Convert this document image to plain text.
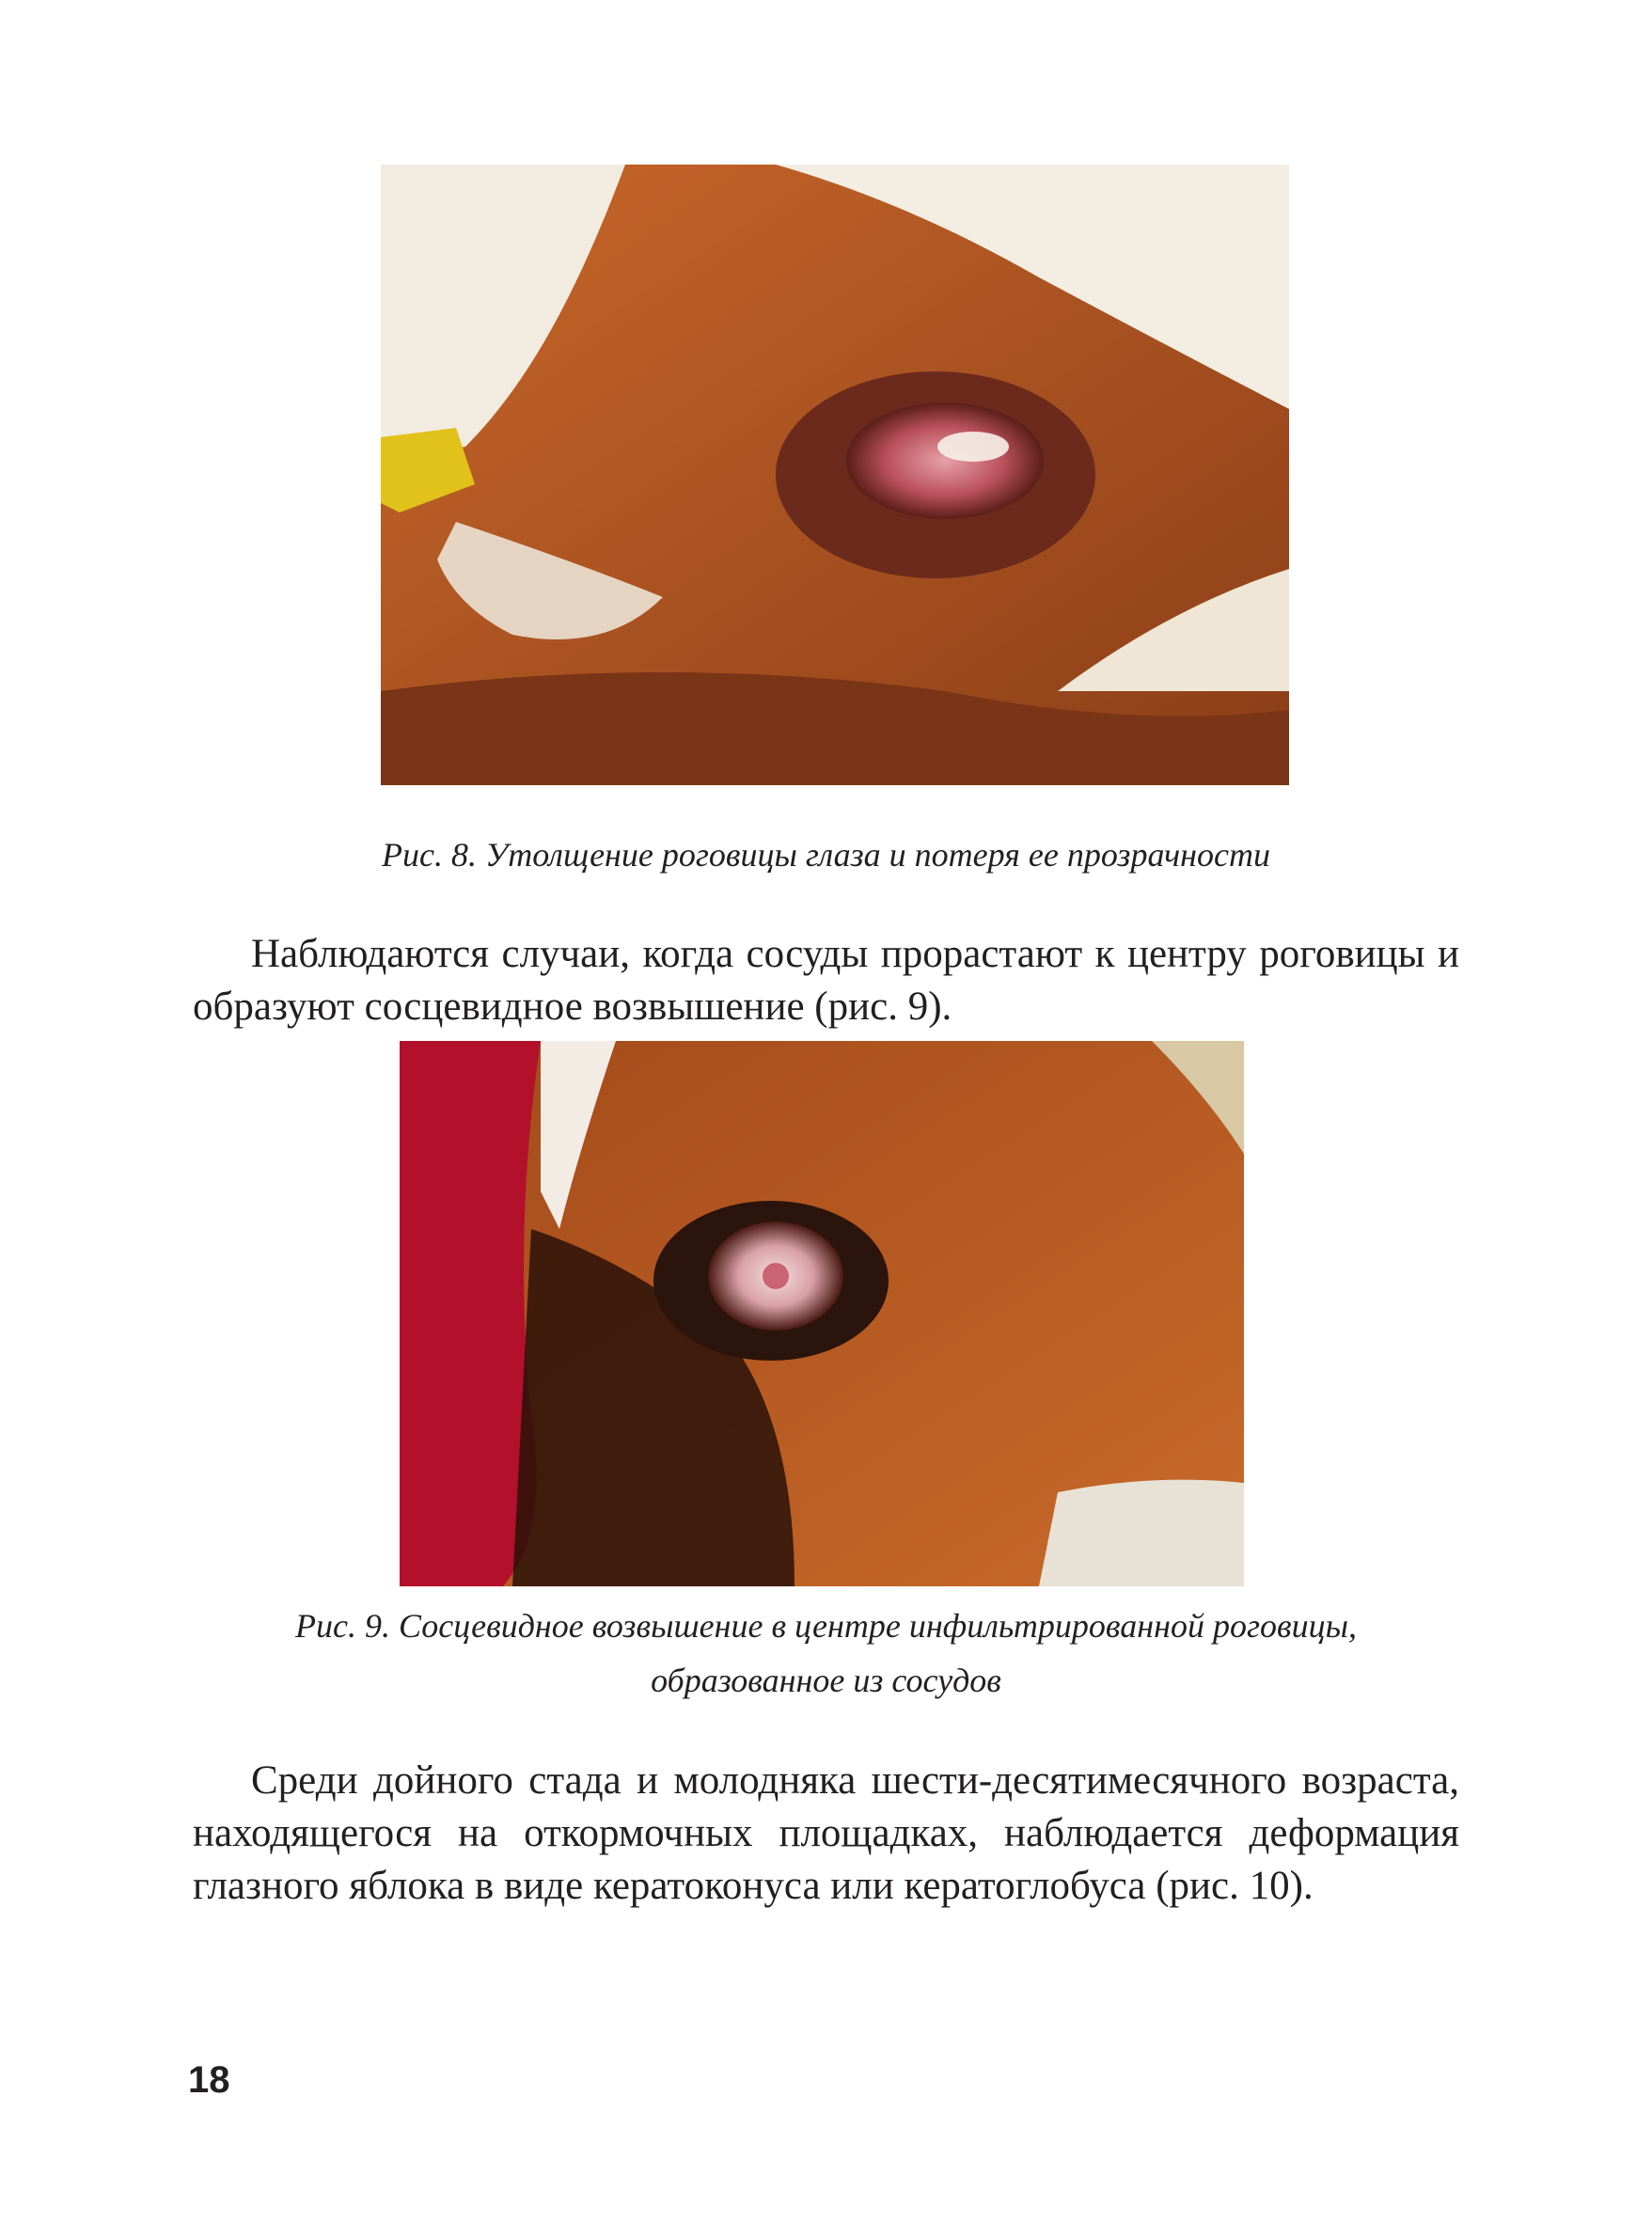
Рис. 8. Утолщение роговицы глаза и потеря ее прозрачности

Наблюдаются случаи, когда сосуды прорастают к центру роговицы и образуют сосцевидное возвышение (рис. 9).

Рис. 9. Сосцевидное возвышение в центре инфильтрированной роговицы,
образованное из сосудов

Среди дойного стада и молодняка шести-десятимесячного возраста, находящегося на откормочных площадках, наблюдается деформация глазного яблока в виде кератоконуса или кератоглобуса (рис. 10).

18
